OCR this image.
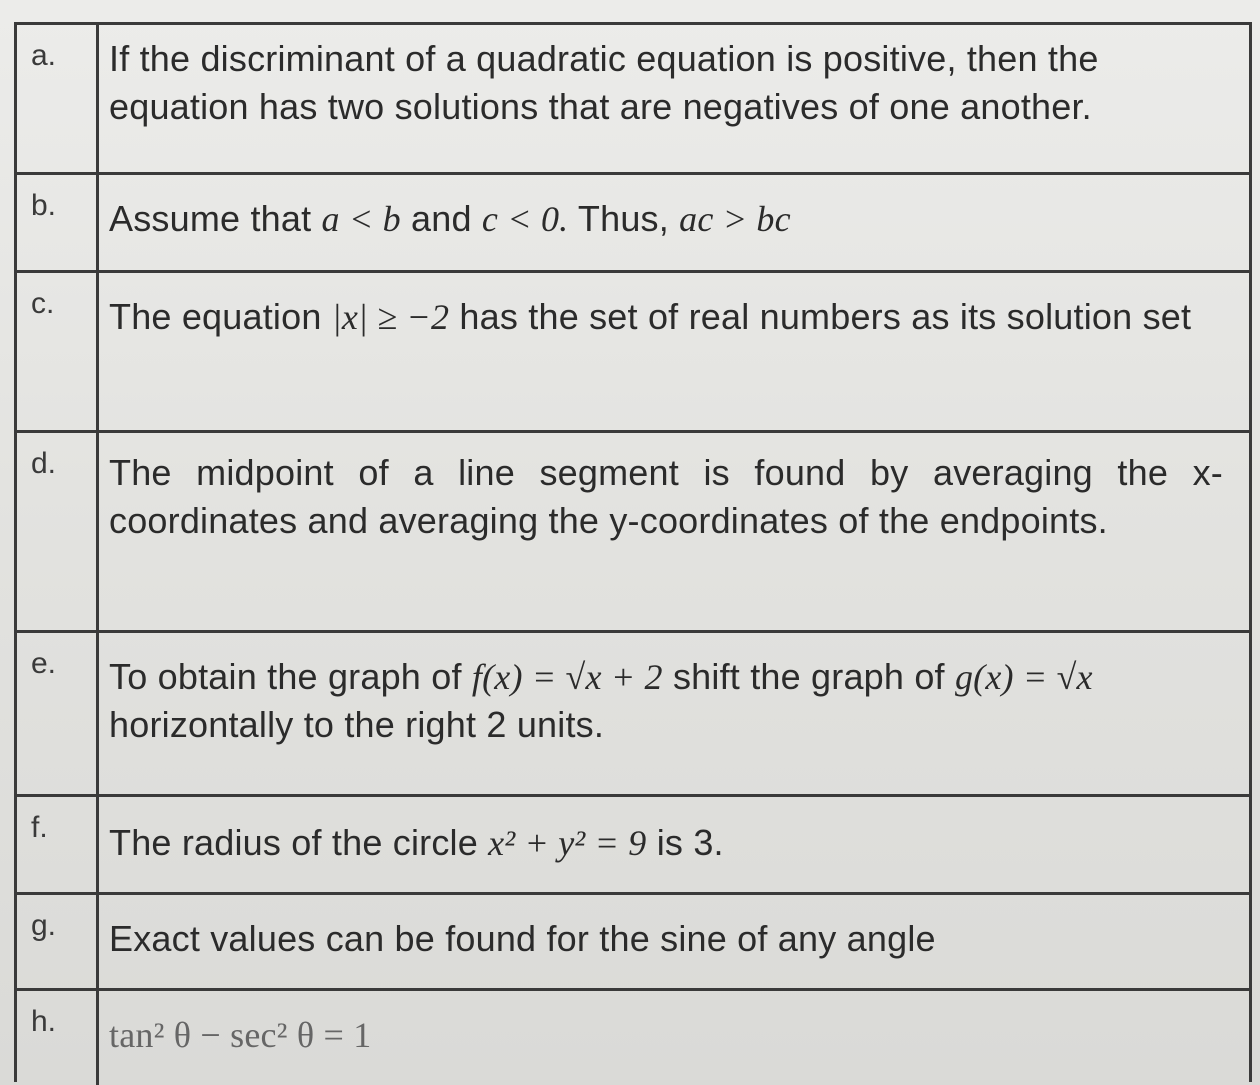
a.	If the discriminant of a quadratic equation is positive, then the equation has two solutions that are negatives of one another.
b.	Assume that a < b and c < 0. Thus, ac > bc
c.	The equation |x| ≥ −2 has the set of real numbers as its solution set
d.	The midpoint of a line segment is found by averaging the x-coordinates and averaging the y-coordinates of the endpoints.
e.	To obtain the graph of f(x) = √x + 2 shift the graph of g(x) = √x horizontally to the right 2 units.
f.	The radius of the circle x² + y² = 9 is 3.
g.	Exact values can be found for the sine of any angle
h.	tan² θ − sec² θ = 1
